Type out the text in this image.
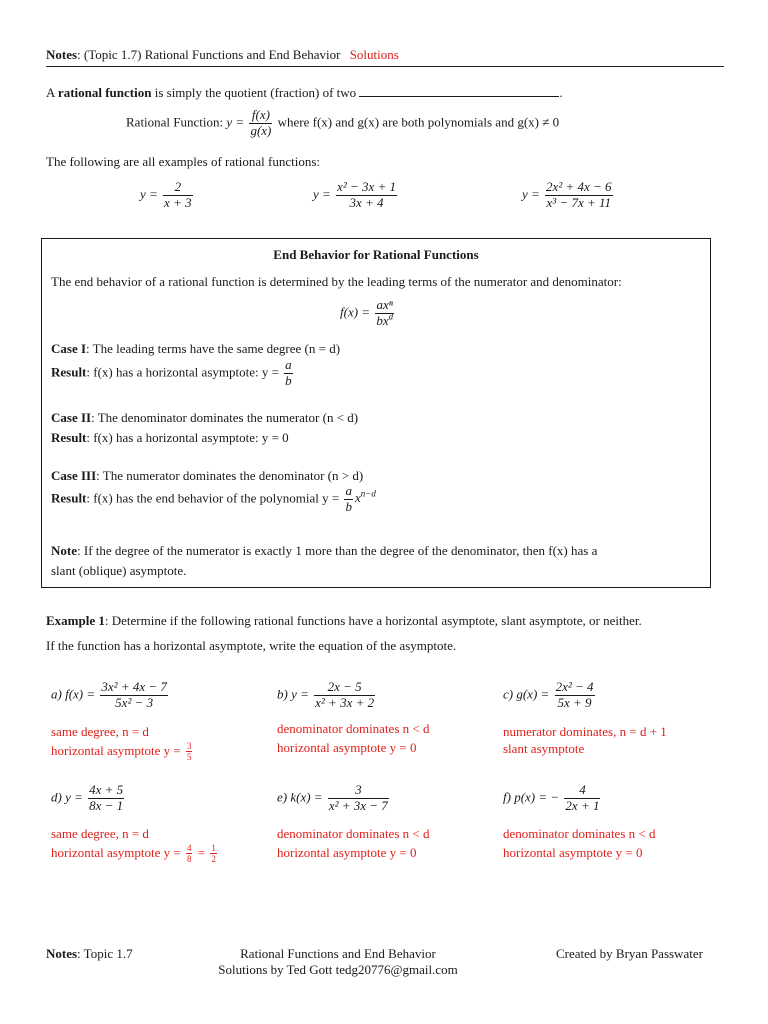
Notes: (Topic 1.7) Rational Functions and End Behavior Solutions
A rational function is simply the quotient (fraction) of two	.
Rational Function: $y = \frac{f(x)}{g(x)}$ where f(x) and g(x) are both polynomials and g(x) ≠ 0
The following are all examples of rational functions:
$y = \frac{2}{x + 3}$	$y = \frac{\text{x² − 3x + 1}}{3x + 4}$	$y = \frac{\text{2x² + 4x − 6}}{\text{x³ − 7x + 11}}$
End Behavior for Rational Functions
The end behavior of a rational function is determined by the leading terms of the numerator and denominator:
$f(x) = \frac{\text{axⁿ}}{bx^d}$
Case I: The leading terms have the same degree (n = d)
Result: f(x) has a horizontal asymptote: $y = \frac{a}{b}$
Case II: The denominator dominates the numerator (n < d)
Result: f(x) has a horizontal asymptote: y = 0
Case III: The numerator dominates the denominator (n > d)
Result: f(x) has the end behavior of the polynomial $y = \frac{a}{b} x^{n-d}$
Note: If the degree of the numerator is exactly 1 more than the degree of the denominator, then f(x) has a
slant (oblique) asymptote.
Example 1: Determine if the following rational functions have a horizontal asymptote, slant asymptote, or neither.
If the function has a horizontal asymptote, write the equation of the asymptote.
a) $f(x) = \frac{\text{3x² + 4x − 7}}{\text{5x² − 3}}$
same degree, n = d
horizontal asymptote $y = \frac{3}{5}$
b) $y = \frac{2x - 5}{\text{x² + 3x + 2}}$
denominator dominates n < d
horizontal asymptote y = 0
c) $g(x) = \frac{\text{2x² − 4}}{5x + 9}$
numerator dominates, n = d + 1
slant asymptote
d) $y = \frac{4x + 5}{8x - 1}$
same degree, n = d
horizontal asymptote $y = \frac{4}{8} = \frac{1}{2}$
e) $k(x) = \frac{3}{\text{x² + 3x − 7}}$
denominator dominates n < d
horizontal asymptote y = 0
f) p(x) = − $\frac{4}{2x + 1}$
denominator dominates n < d
horizontal asymptote y = 0
Notes: Topic 1.7	Rational Functions and End Behavior
Solutions by Ted Gott tedg20776@gmail.com
Created by Bryan Passwater
